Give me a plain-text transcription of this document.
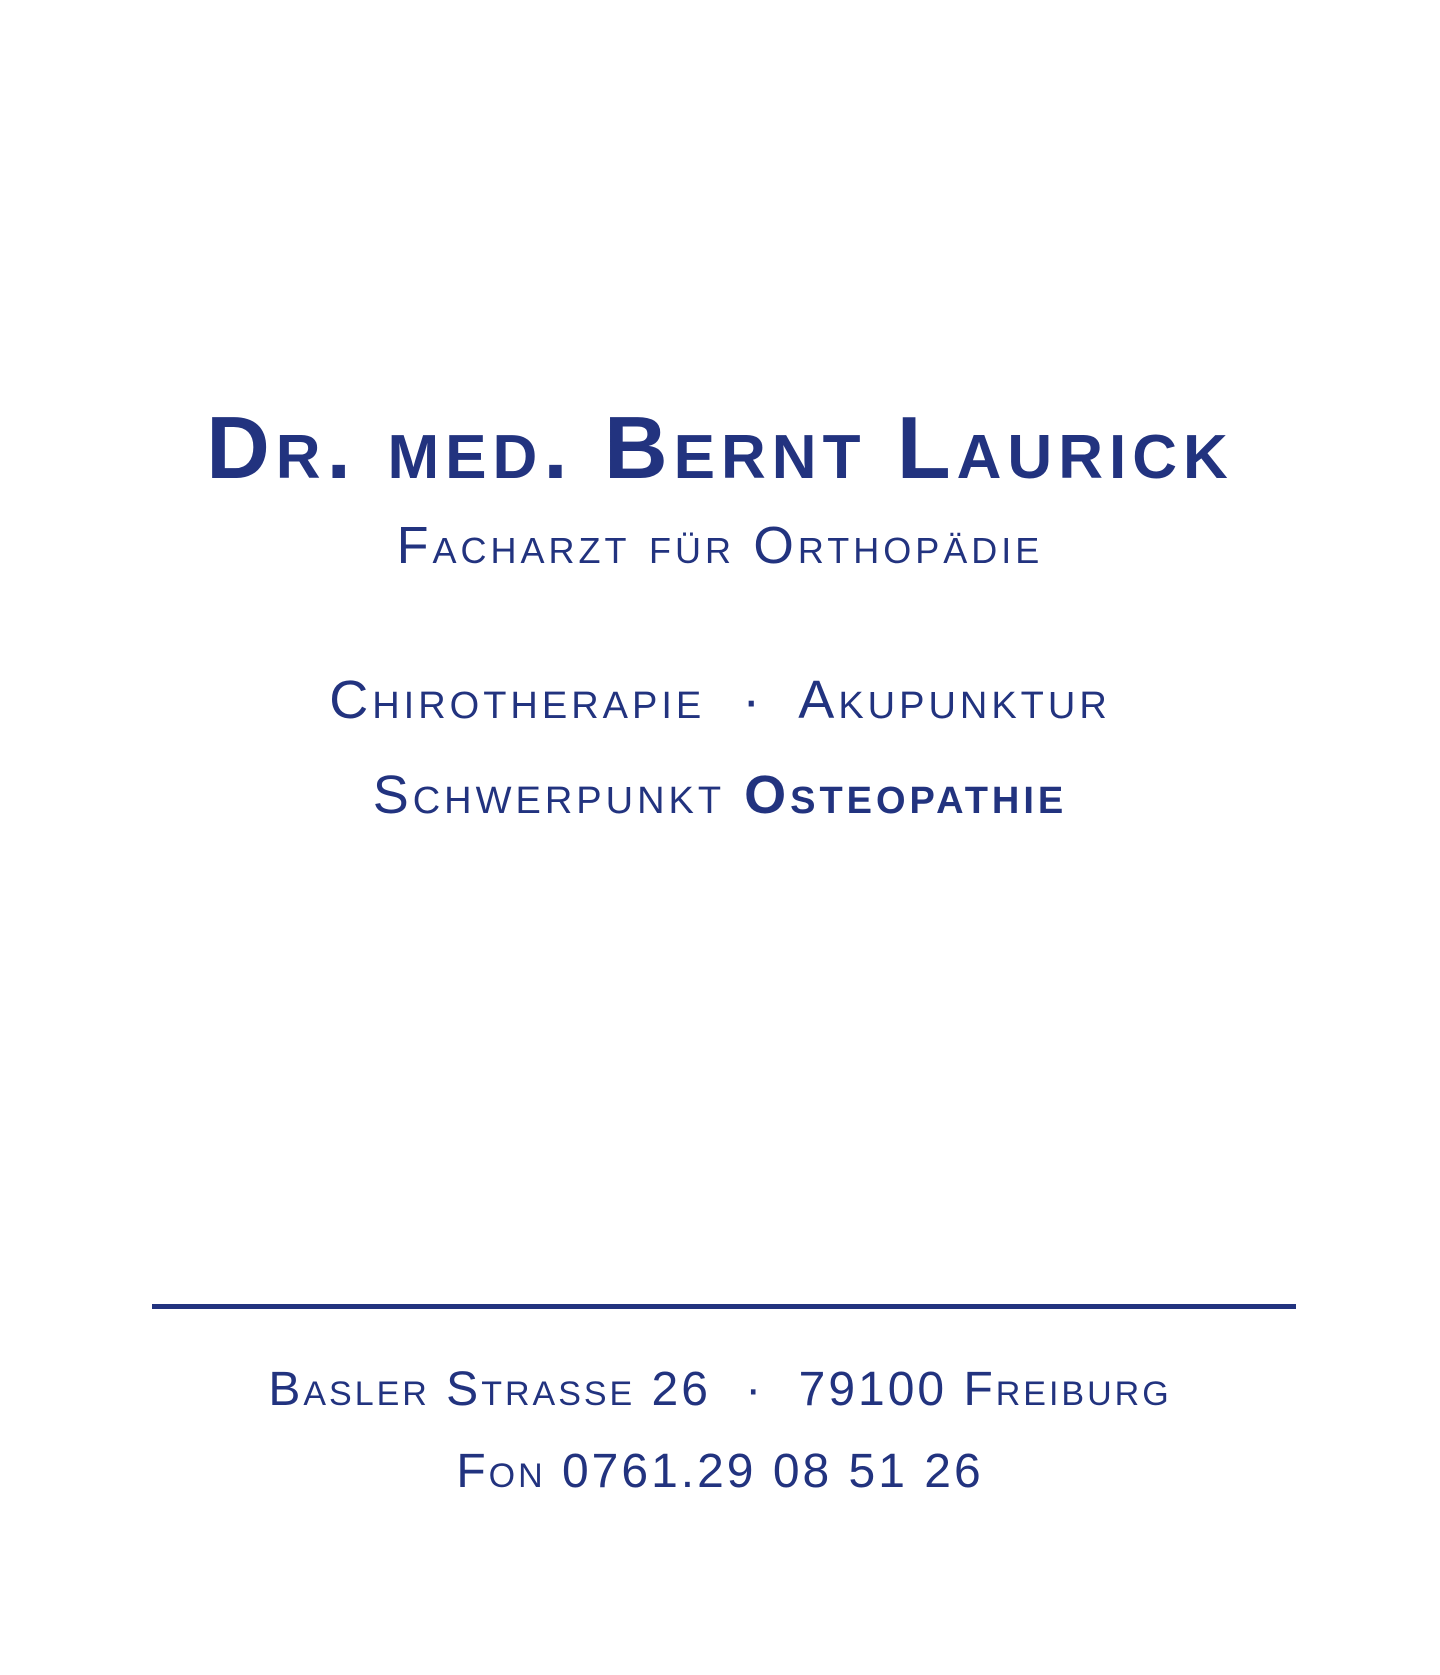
Dr. med. Bernt Laurick
Facharzt für Orthopädie
Chirotherapie · Akupunktur
Schwerpunkt Osteopathie
Basler Strasse 26 · 79100 Freiburg
Fon 0761.29 08 51 26
